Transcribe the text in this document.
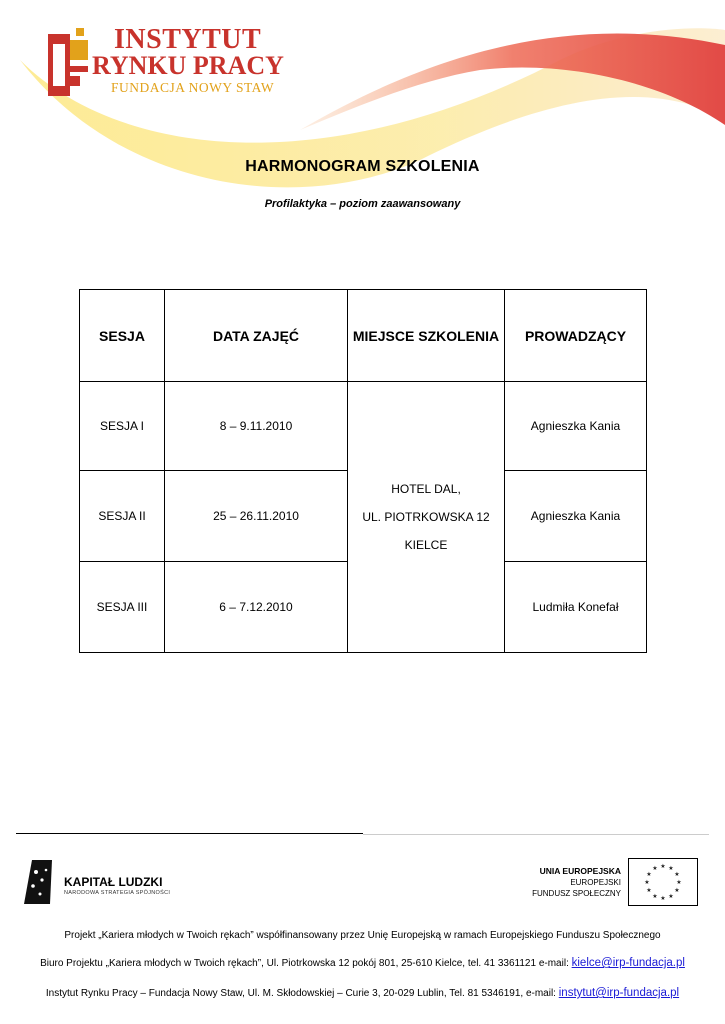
INSTYTUT
RYNKU PRACY
FUNDACJA NOWY STAW
HARMONOGRAM SZKOLENIA
Profilaktyka – poziom zaawansowany
SESJA	DATA ZAJĘĆ	MIEJSCE SZKOLENIA	PROWADZĄCY
SESJA I	8 – 9.11.2010	HOTEL DAL,
UL. PIOTRKOWSKA 12
KIELCE	Agnieszka Kania
SESJA II	25 – 26.11.2010		Agnieszka Kania
SESJA III	6 – 7.12.2010		Ludmiła Konefał
KAPITAŁ LUDZKI
NARODOWA STRATEGIA SPÓJNOŚCI
UNIA EUROPEJSKA
EUROPEJSKI
FUNDUSZ SPOŁECZNY
★ ★
★
★
★
★
★
★
★
★
★
★
Projekt „Kariera młodych w Twoich rękach” współfinansowany przez Unię Europejską w ramach Europejskiego Funduszu Społecznego
Biuro Projektu „Kariera młodych w Twoich rękach”, Ul. Piotrkowska 12 pokój 801, 25-610 Kielce, tel. 41 3361121 e-mail: kielce@irp-fundacja.pl
Instytut Rynku Pracy – Fundacja Nowy Staw, Ul. M. Skłodowskiej – Curie 3, 20-029 Lublin, Tel. 81 5346191, e-mail: instytut@irp-fundacja.pl
